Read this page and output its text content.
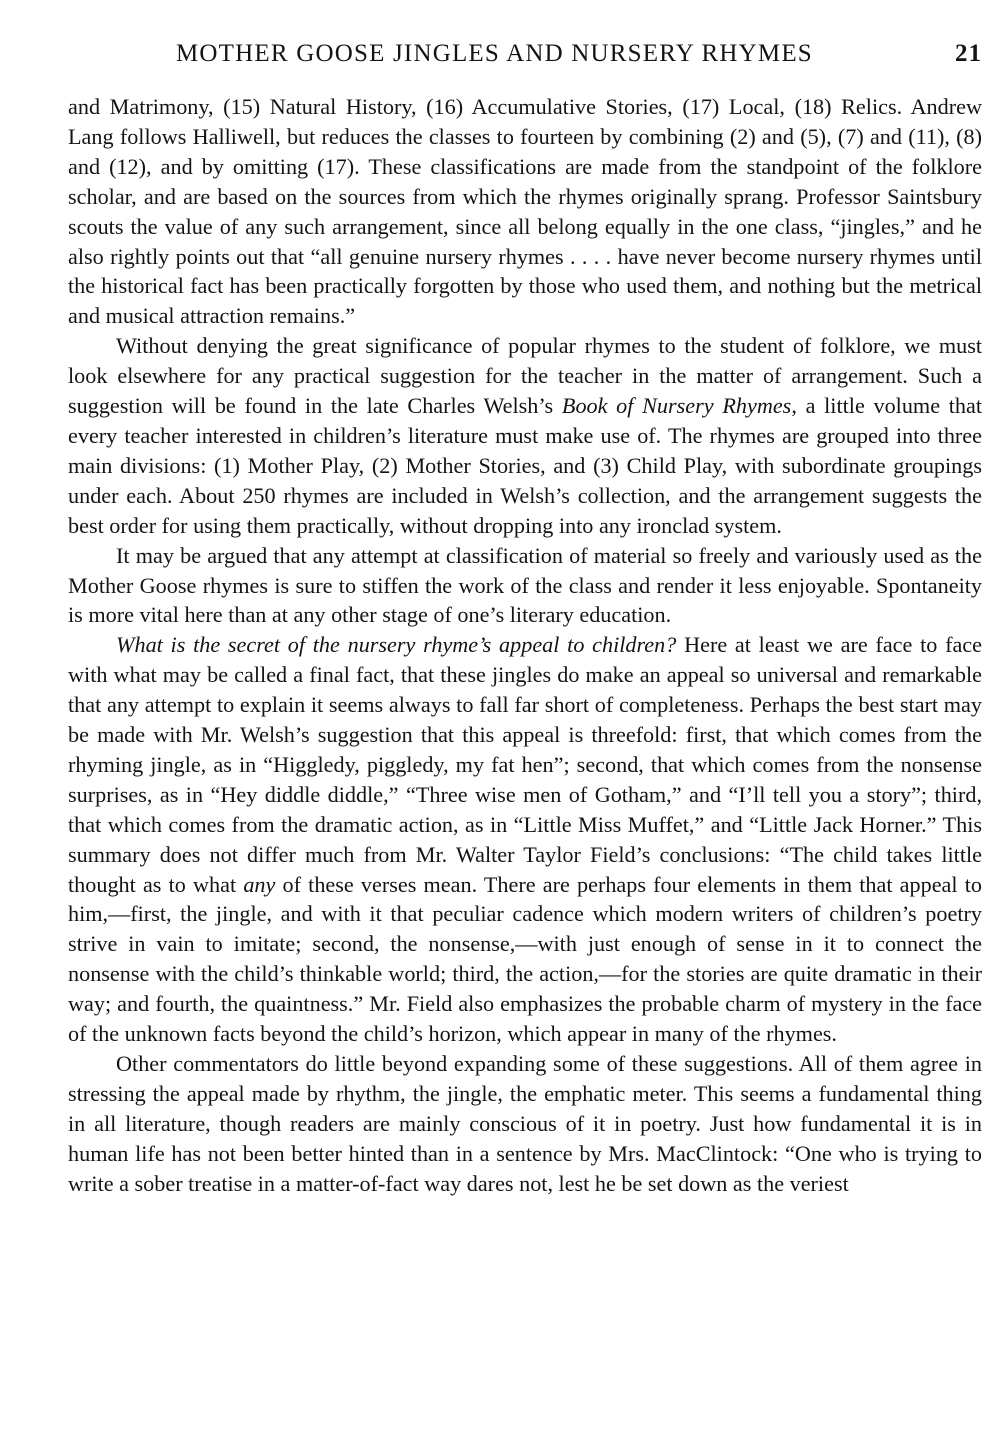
MOTHER GOOSE JINGLES AND NURSERY RHYMES	21

and Matrimony, (15) Natural History, (16) Accumulative Stories, (17) Local, (18) Relics. Andrew Lang follows Halliwell, but reduces the classes to fourteen by combining (2) and (5), (7) and (11), (8) and (12), and by omitting (17). These classifications are made from the standpoint of the folklore scholar, and are based on the sources from which the rhymes originally sprang. Professor Saintsbury scouts the value of any such arrangement, since all belong equally in the one class, “jingles,” and he also rightly points out that “all genuine nursery rhymes . . . . have never become nursery rhymes until the historical fact has been practically forgotten by those who used them, and nothing but the metrical and musical attraction remains.”

Without denying the great significance of popular rhymes to the student of folklore, we must look elsewhere for any practical suggestion for the teacher in the matter of arrangement. Such a suggestion will be found in the late Charles Welsh’s Book of Nursery Rhymes, a little volume that every teacher interested in children’s literature must make use of. The rhymes are grouped into three main divisions: (1) Mother Play, (2) Mother Stories, and (3) Child Play, with subordinate groupings under each. About 250 rhymes are included in Welsh’s collection, and the arrangement suggests the best order for using them practically, without dropping into any ironclad system.

It may be argued that any attempt at classification of material so freely and variously used as the Mother Goose rhymes is sure to stiffen the work of the class and render it less enjoyable. Spontaneity is more vital here than at any other stage of one’s literary education.

What is the secret of the nursery rhyme’s appeal to children? Here at least we are face to face with what may be called a final fact, that these jingles do make an appeal so universal and remarkable that any attempt to explain it seems always to fall far short of completeness. Perhaps the best start may be made with Mr. Welsh’s suggestion that this appeal is threefold: first, that which comes from the rhyming jingle, as in “Higgledy, piggledy, my fat hen”; second, that which comes from the nonsense surprises, as in “Hey diddle diddle,” “Three wise men of Gotham,” and “I’ll tell you a story”; third, that which comes from the dramatic action, as in “Little Miss Muffet,” and “Little Jack Horner.” This summary does not differ much from Mr. Walter Taylor Field’s conclusions: “The child takes little thought as to what any of these verses mean. There are perhaps four elements in them that appeal to him,—first, the jingle, and with it that peculiar cadence which modern writers of children’s poetry strive in vain to imitate; second, the nonsense,—with just enough of sense in it to connect the nonsense with the child’s thinkable world; third, the action,—for the stories are quite dramatic in their way; and fourth, the quaintness.” Mr. Field also emphasizes the probable charm of mystery in the face of the unknown facts beyond the child’s horizon, which appear in many of the rhymes.

Other commentators do little beyond expanding some of these suggestions. All of them agree in stressing the appeal made by rhythm, the jingle, the emphatic meter. This seems a fundamental thing in all literature, though readers are mainly conscious of it in poetry. Just how fundamental it is in human life has not been better hinted than in a sentence by Mrs. MacClintock: “One who is trying to write a sober treatise in a matter-of-fact way dares not, lest he be set down as the veriest
